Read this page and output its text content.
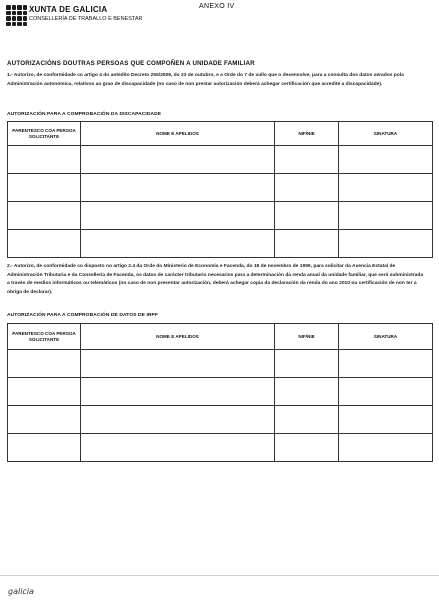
XUNTA DE GALICIA
CONSELLERÍA DE TRABALLO E BENESTAR
ANEXO IV
AUTORIZACIÓNS DOUTRAS PERSOAS QUE COMPOÑEN A UNIDADE FAMILIAR
1.- Autorizo, de conformidade co artigo 4 do antedito Decreto 255/2008, do 23 de outubro, e a Orde do 7 de xullo que o desenvolve, para a consulta dos datos xerados pola Administración autonómica, relativos ao grao de discapacidade (no caso de non prestar autorización deberá achegar certificación que acredite a discapacidade).
AUTORIZACIÓN PARA A COMPROBACIÓN DA DISCAPACIDADE
PARENTESCO COA PERSOA SOLICITANTE	NOME E APELIDOS	NIF/NIE	SINATURA

2.- Autorizo, de conformidade co disposto no artigo 2.4 da Orde do Ministerio de Economía e Facenda, do 18 de novembro de 1999, para solicitar da Axencia Estatal de Administración Tributaria e da Consellería de Facenda, os datos de carácter tributario necesarios para a determinación da renda anual da unidade familiar, que será subministrada a través de medios informáticos ou telemáticos (no caso de non presentar autorización, deberá achegar copia da declaración da renda do ano 2010 ou certificación de non ter a obriga de declarar).
AUTORIZACIÓN PARA A COMPROBACIÓN DE DATOS DE IRPF
PARENTESCO COA PERSOA SOLICITANTE	NOME E APELIDOS	NIF/NIE	SINATURA

galicia
